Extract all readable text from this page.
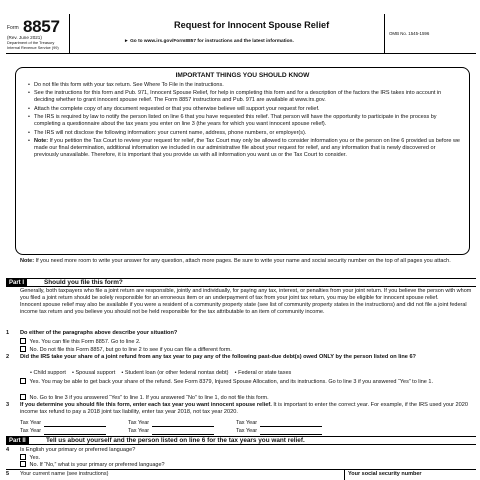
Form 8857
(Rev. June 2021)
Department of the Treasury
Internal Revenue Service (99)
Request for Innocent Spouse Relief
► Go to www.irs.gov/Form8857 for instructions and the latest information.
OMB No. 1545-1596
IMPORTANT THINGS YOU SHOULD KNOW
• Do not file this form with your tax return. See Where To File in the instructions.
• See the instructions for this form and Pub. 971, Innocent Spouse Relief, for help in completing this form and for a description of the factors the IRS takes into account in deciding whether to grant innocent spouse relief. The Form 8857 instructions and Pub. 971 are available at www.irs.gov.
• Attach the complete copy of any document requested or that you otherwise believe will support your request for relief.
• The IRS is required by law to notify the person listed on line 6 that you have requested this relief. That person will have the opportunity to participate in the process by completing a questionnaire about the tax years you enter on line 3 (the years for which you want innocent spouse relief).
• The IRS will not disclose the following information: your current name, address, phone numbers, or employer(s).
• Note: If you petition the Tax Court to review your request for relief, the Tax Court may only be allowed to consider information you or the person on line 6 provided us before we made our final determination, additional information we included in our administrative file about your request for relief, and any information that is newly discovered or previously unavailable. Therefore, it is important that you provide us with all information you want us or the Tax Court to consider.
Note: If you need more room to write your answer for any question, attach more pages. Be sure to write your name and social security number on the top of all pages you attach.
Part I	Should you file this form?
Generally, both taxpayers who file a joint return are responsible, jointly and individually, for paying any tax, interest, or penalties from your joint return. If you believe the person with whom you filed a joint return should be solely responsible for an erroneous item or an underpayment of tax from your joint tax return, you may be eligible for innocent spouse relief.
Innocent spouse relief may also be available if you were a resident of a community property state (see list of community property states in the instructions) and did not file a joint federal income tax return and you believe you should not be held responsible for the tax attributable to an item of community income.
1 Do either of the paragraphs above describe your situation?
Yes. You can file this Form 8857. Go to line 2.
No. Do not file this Form 8857, but go to line 2 to see if you can file a different form.
2 Did the IRS take your share of a joint refund from any tax year to pay any of the following past-due debt(s) owed ONLY by the person listed on line 6?
• Child support • Spousal support • Student loan (or other federal nontax debt) • Federal or state taxes
Yes. You may be able to get back your share of the refund. See Form 8379, Injured Spouse Allocation, and its instructions. Go to line 3 if you answered “Yes” to line 1.
No. Go to line 3 if you answered “Yes” to line 1. If you answered “No” to line 1, do not file this form.
3 If you determine you should file this form, enter each tax year you want innocent spouse relief. It is important to enter the correct year. For example, if the IRS used your 2020 income tax refund to pay a 2018 joint tax liability, enter tax year 2018, not tax year 2020.
Tax Year	Tax Year	Tax Year
Tax Year	Tax Year	Tax Year
Part II	Tell us about yourself and the person listed on line 6 for the tax years you want relief.
4 Is English your primary or preferred language?
Yes.
No. If “No,” what is your primary or preferred language?
5 Your current name (see instructions)	Your social security number
